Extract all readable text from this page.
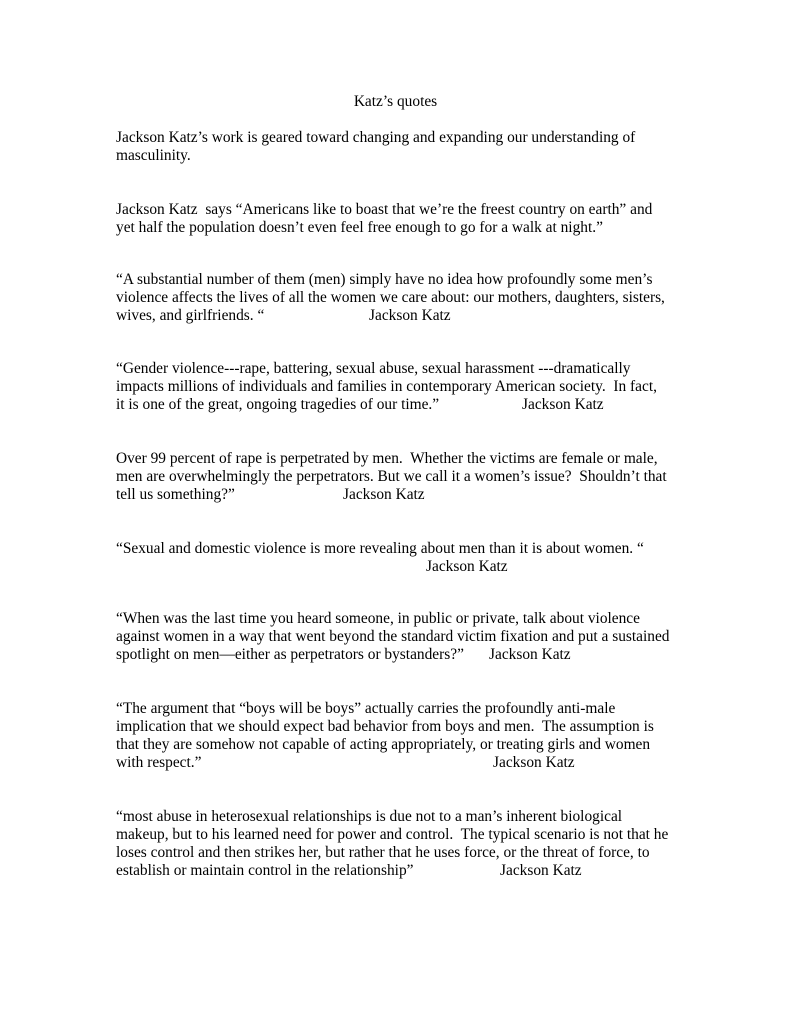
Katz’s quotes
Jackson Katz’s work is geared toward changing and expanding our understanding of
masculinity.
Jackson Katz  says “Americans like to boast that we’re the freest country on earth” and
yet half the population doesn’t even feel free enough to go for a walk at night.”
“A substantial number of them (men) simply have no idea how profoundly some men’s
violence affects the lives of all the women we care about: our mothers, daughters, sisters,
wives, and girlfriends. “	Jackson Katz
“Gender violence---rape, battering, sexual abuse, sexual harassment ---dramatically
impacts millions of individuals and families in contemporary American society.  In fact,
it is one of the great, ongoing tragedies of our time.”	Jackson Katz
Over 99 percent of rape is perpetrated by men.  Whether the victims are female or male,
men are overwhelmingly the perpetrators. But we call it a women’s issue?  Shouldn’t that
tell us something?”	Jackson Katz
“Sexual and domestic violence is more revealing about men than it is about women. “
Jackson Katz
“When was the last time you heard someone, in public or private, talk about violence
against women in a way that went beyond the standard victim fixation and put a sustained
spotlight on men—either as perpetrators or bystanders?”	Jackson Katz
“The argument that “boys will be boys” actually carries the profoundly anti-male
implication that we should expect bad behavior from boys and men.  The assumption is
that they are somehow not capable of acting appropriately, or treating girls and women
with respect.”	Jackson Katz
“most abuse in heterosexual relationships is due not to a man’s inherent biological
makeup, but to his learned need for power and control.  The typical scenario is not that he
loses control and then strikes her, but rather that he uses force, or the threat of force, to
establish or maintain control in the relationship”	Jackson Katz
